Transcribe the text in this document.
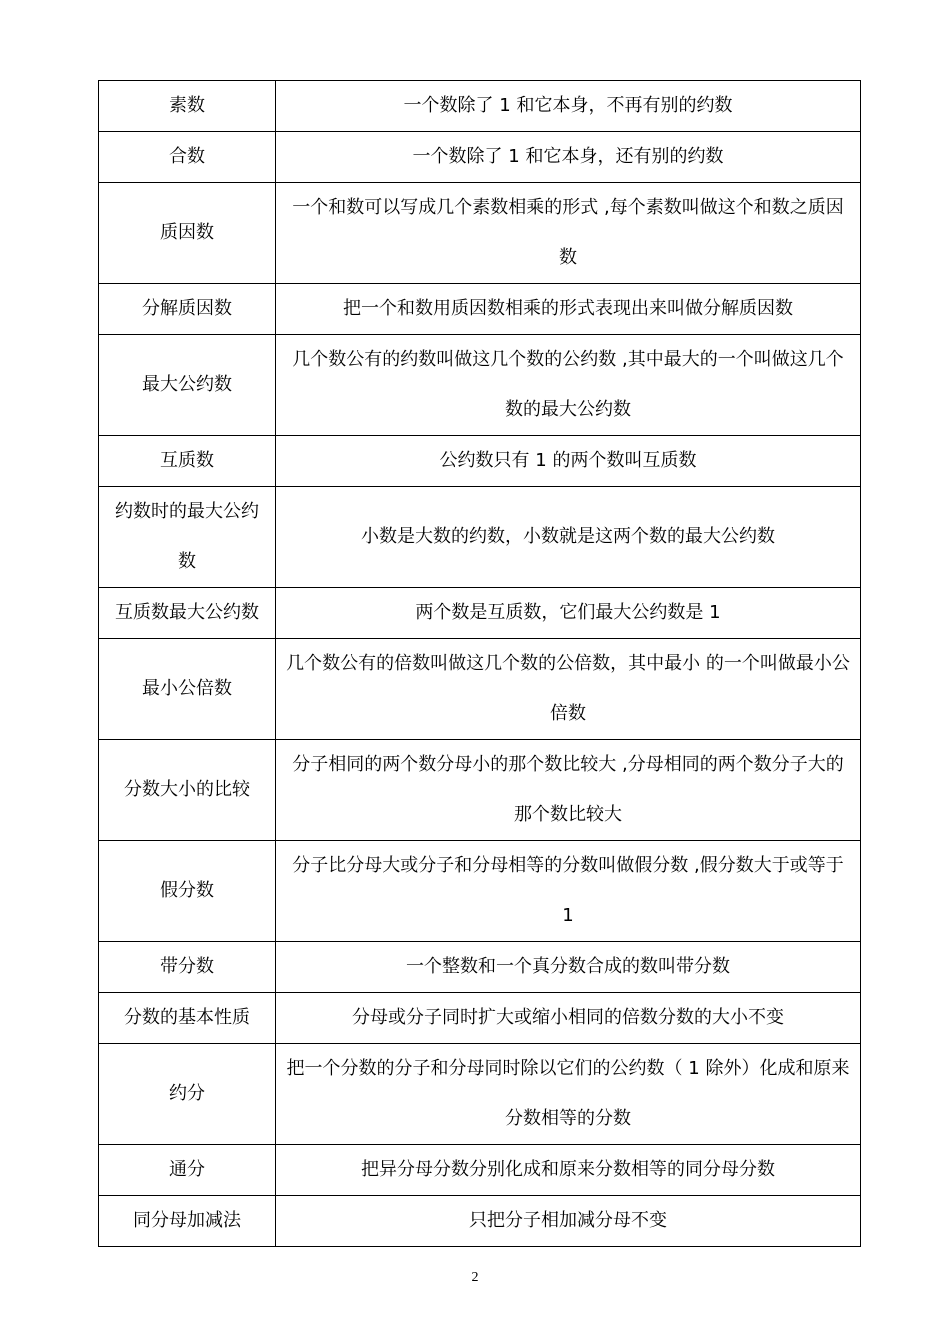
素数	一个数除了 1 和它本身，不再有别的约数
合数	一个数除了 1 和它本身，还有别的约数
质因数	一个和数可以写成几个素数相乘的形式 ,每个素数叫做这个和数之质因数
分解质因数	把一个和数用质因数相乘的形式表现出来叫做分解质因数
最大公约数	几个数公有的约数叫做这几个数的公约数 ,其中最大的一个叫做这几个数的最大公约数
互质数	公约数只有 1 的两个数叫互质数
约数时的最大公约数	小数是大数的约数，小数就是这两个数的最大公约数
互质数最大公约数	两个数是互质数，它们最大公约数是 1
最小公倍数	几个数公有的倍数叫做这几个数的公倍数，其中最小 的一个叫做最小公倍数
分数大小的比较	分子相同的两个数分母小的那个数比较大 ,分母相同的两个数分子大的那个数比较大
假分数	分子比分母大或分子和分母相等的分数叫做假分数 ,假分数大于或等于 1
带分数	一个整数和一个真分数合成的数叫带分数
分数的基本性质	分母或分子同时扩大或缩小相同的倍数分数的大小不变
约分	把一个分数的分子和分母同时除以它们的公约数（ 1 除外）化成和原来分数相等的分数
通分	把异分母分数分别化成和原来分数相等的同分母分数
同分母加减法	只把分子相加减分母不变
2
